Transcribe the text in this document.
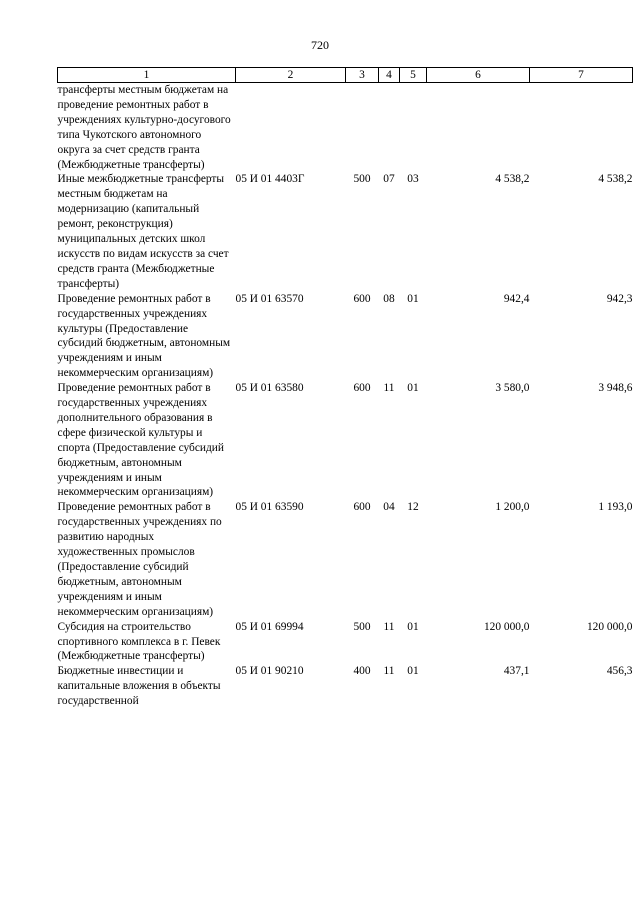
720
1	2	3	4	5	6	7
трансферты местным бюджетам на проведение ремонтных работ в учреждениях культурно-досугового типа Чукотского автономного округа за счет средств гранта (Межбюджетные трансферты)						
Иные межбюджетные трансферты местным бюджетам на модернизацию (капитальный ремонт, реконструкция) муниципальных детских школ искусств по видам искусств за счет средств гранта (Межбюджетные трансферты)	05 И 01 4403Г	500	07	03	4 538,2	4 538,2
Проведение ремонтных работ в государственных учреждениях культуры (Предоставление субсидий бюджетным, автономным учреждениям и иным некоммерческим организациям)	05 И 01 63570	600	08	01	942,4	942,3
Проведение ремонтных работ в государственных учреждениях дополнительного образования в сфере физической культуры и спорта (Предоставление субсидий бюджетным, автономным учреждениям и иным некоммерческим организациям)	05 И 01 63580	600	11	01	3 580,0	3 948,6
Проведение ремонтных работ в государственных учреждениях по развитию народных художественных промыслов (Предоставление субсидий бюджетным, автономным учреждениям и иным некоммерческим организациям)	05 И 01 63590	600	04	12	1 200,0	1 193,0
Субсидия на строительство спортивного комплекса в г. Певек (Межбюджетные трансферты)	05 И 01 69994	500	11	01	120 000,0	120 000,0
Бюджетные инвестиции и капитальные вложения в объекты государственной	05 И 01 90210	400	11	01	437,1	456,3
